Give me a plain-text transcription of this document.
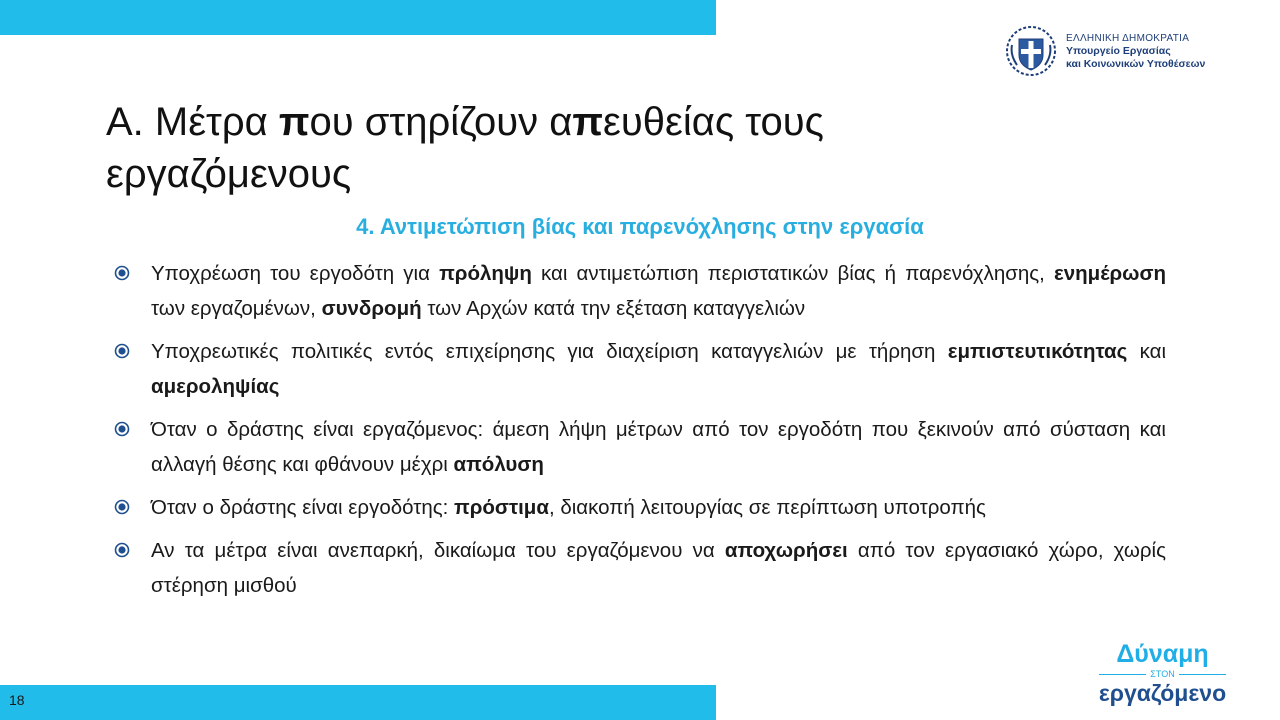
ΕΛΛΗΝΙΚΗ ΔΗΜΟΚΡΑΤΙΑ
Υπουργείο Εργασίας
και Κοινωνικών Υποθέσεων
Α. Μέτρα που στηρίζουν απευθείας τους εργαζόμενους
4. Αντιμετώπιση βίας και παρενόχλησης στην εργασία
Υποχρέωση του εργοδότη για πρόληψη και αντιμετώπιση περιστατικών βίας ή παρενόχλησης, ενημέρωση των εργαζομένων, συνδρομή των Αρχών κατά την εξέταση καταγγελιών
Υποχρεωτικές πολιτικές εντός επιχείρησης για διαχείριση καταγγελιών με τήρηση εμπιστευτικότητας και αμεροληψίας
Όταν ο δράστης είναι εργαζόμενος: άμεση λήψη μέτρων από τον εργοδότη που ξεκινούν από σύσταση και αλλαγή θέσης και φθάνουν μέχρι απόλυση
Όταν ο δράστης είναι εργοδότης: πρόστιμα, διακοπή λειτουργίας σε περίπτωση υποτροπής
Αν τα μέτρα είναι ανεπαρκή, δικαίωμα του εργαζόμενου να αποχωρήσει από τον εργασιακό χώρο, χωρίς στέρηση μισθού
18
Δύναμη
ΣΤΟΝ
εργαζόμενο
